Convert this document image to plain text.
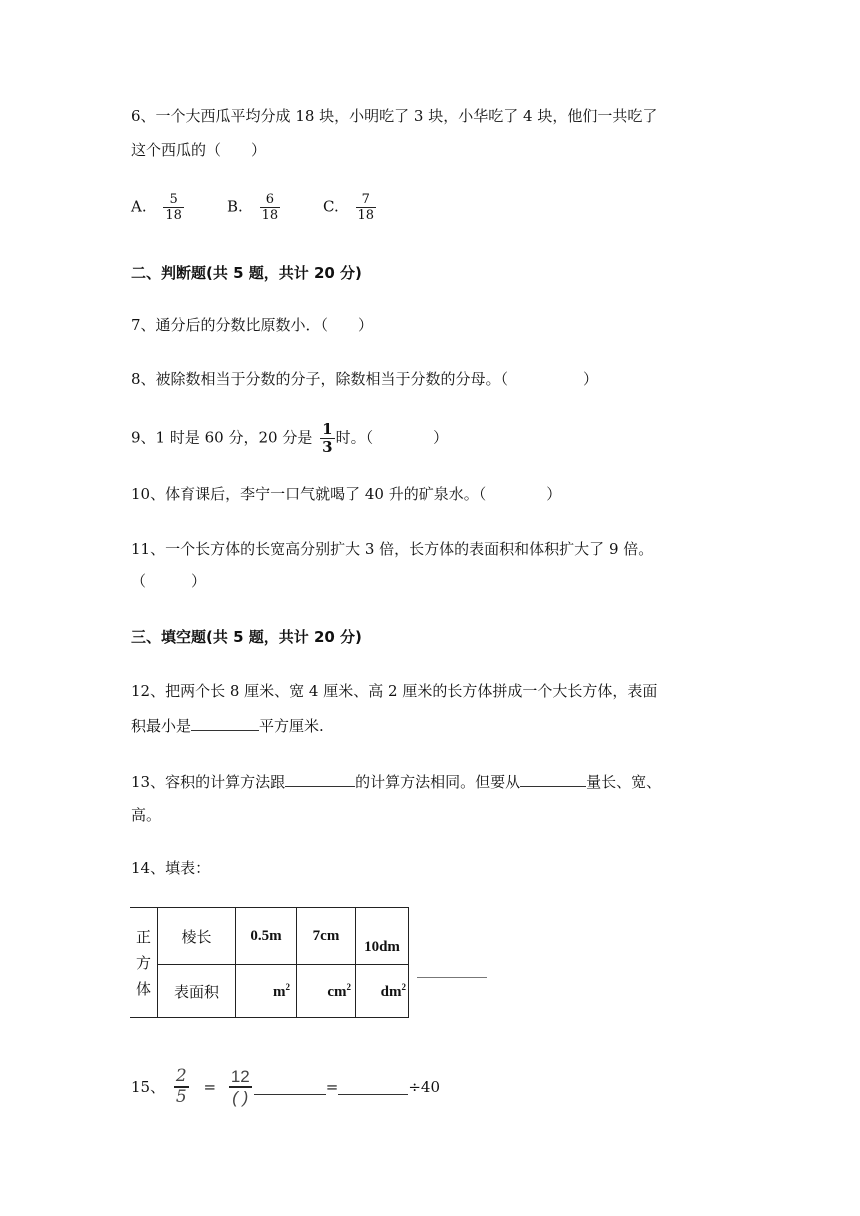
6、一个大西瓜平均分成 18 块，小明吃了 3 块，小华吃了 4 块，他们一共吃了
这个西瓜的（　　）
A. $\frac{5}{18}$	B. $\frac{6}{18}$	C. $\frac{7}{18}$
二、判断题(共 5 题，共计 20 分)
7、通分后的分数比原数小．（　　）
8、被除数相当于分数的分子，除数相当于分数的分母。（　　　　　）
9、1 时是 60 分，20 分是 $\frac{1}{3}$ 时。（　　　　）
10、体育课后，李宁一口气就喝了 40 升的矿泉水。（　　　　）
11、一个长方体的长宽高分别扩大 3 倍，长方体的表面积和体积扩大了 9 倍。
（　　　）
三、填空题(共 5 题，共计 20 分)
12、把两个长 8 厘米、宽 4 厘米、高 2 厘米的长方体拼成一个大长方体，表面
积最小是	平方厘米.
13、容积的计算方法跟	的计算方法相同。但要从	量长、宽、
高。
14、填表：
正
方
体	棱长	0.5m	7cm	10dm
	表面积	$m^2$	$cm^2$	$dm^2$
15、 $\frac{2}{5} = \frac{12}{( )}$	=	÷40
